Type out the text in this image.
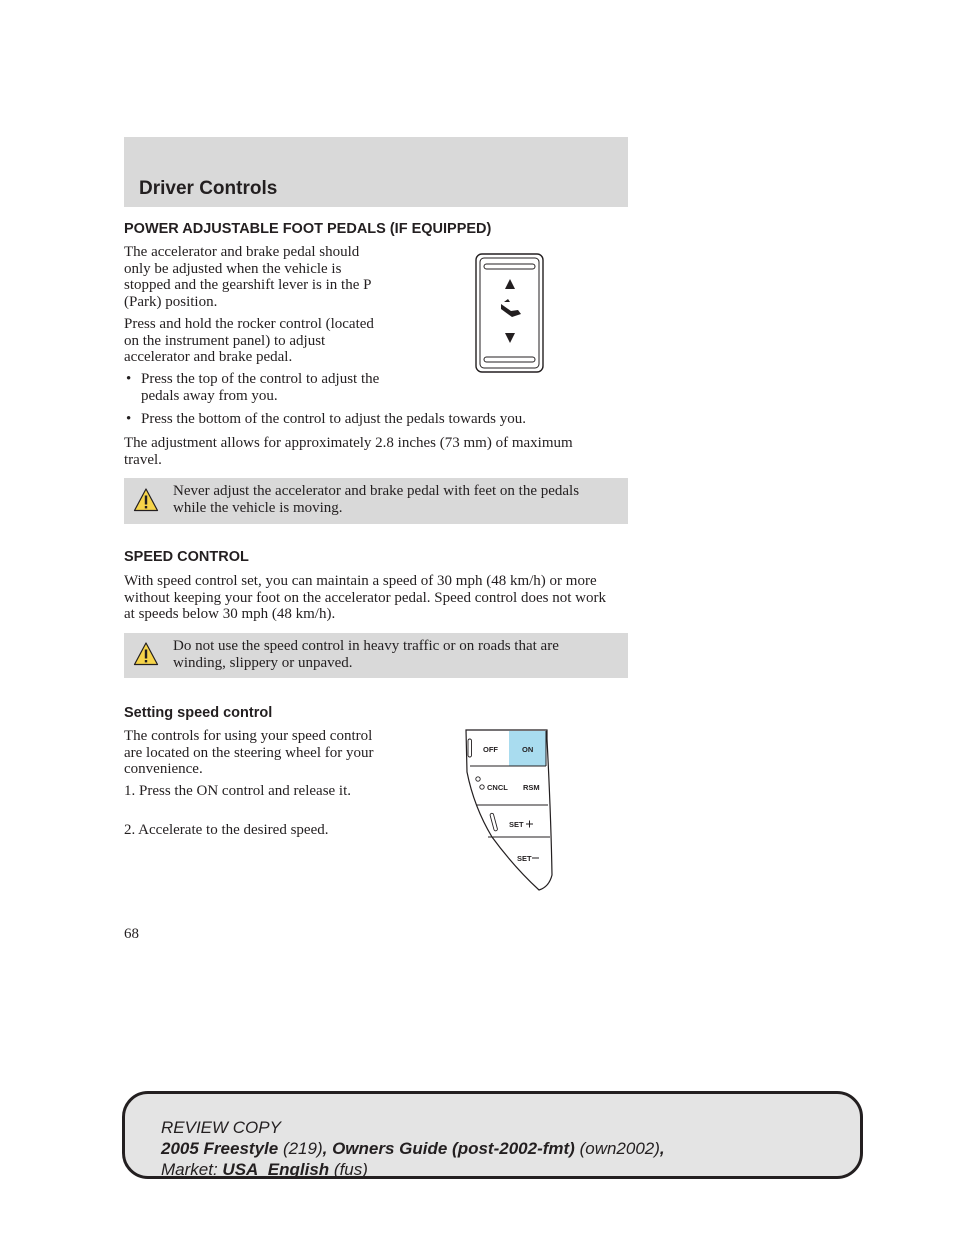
Driver Controls
POWER ADJUSTABLE FOOT PEDALS (IF EQUIPPED)
The accelerator and brake pedal should only be adjusted when the vehicle is stopped and the gearshift lever is in the P (Park) position.
Press and hold the rocker control (located on the instrument panel) to adjust accelerator and brake pedal.
• Press the top of the control to adjust the pedals away from you.
• Press the bottom of the control to adjust the pedals towards you.
The adjustment allows for approximately 2.8 inches (73 mm) of maximum travel.
Never adjust the accelerator and brake pedal with feet on the pedals while the vehicle is moving.
SPEED CONTROL
With speed control set, you can maintain a speed of 30 mph (48 km/h) or more without keeping your foot on the accelerator pedal. Speed control does not work at speeds below 30 mph (48 km/h).
Do not use the speed control in heavy traffic or on roads that are winding, slippery or unpaved.
Setting speed control
The controls for using your speed control are located on the steering wheel for your convenience.
1. Press the ON control and release it.
2. Accelerate to the desired speed.
OFF	ON
CNCL RSM
SET
SET
68
REVIEW COPY
2005 Freestyle (219), Owners Guide (post-2002-fmt) (own2002),
Market: USA_English (fus)
